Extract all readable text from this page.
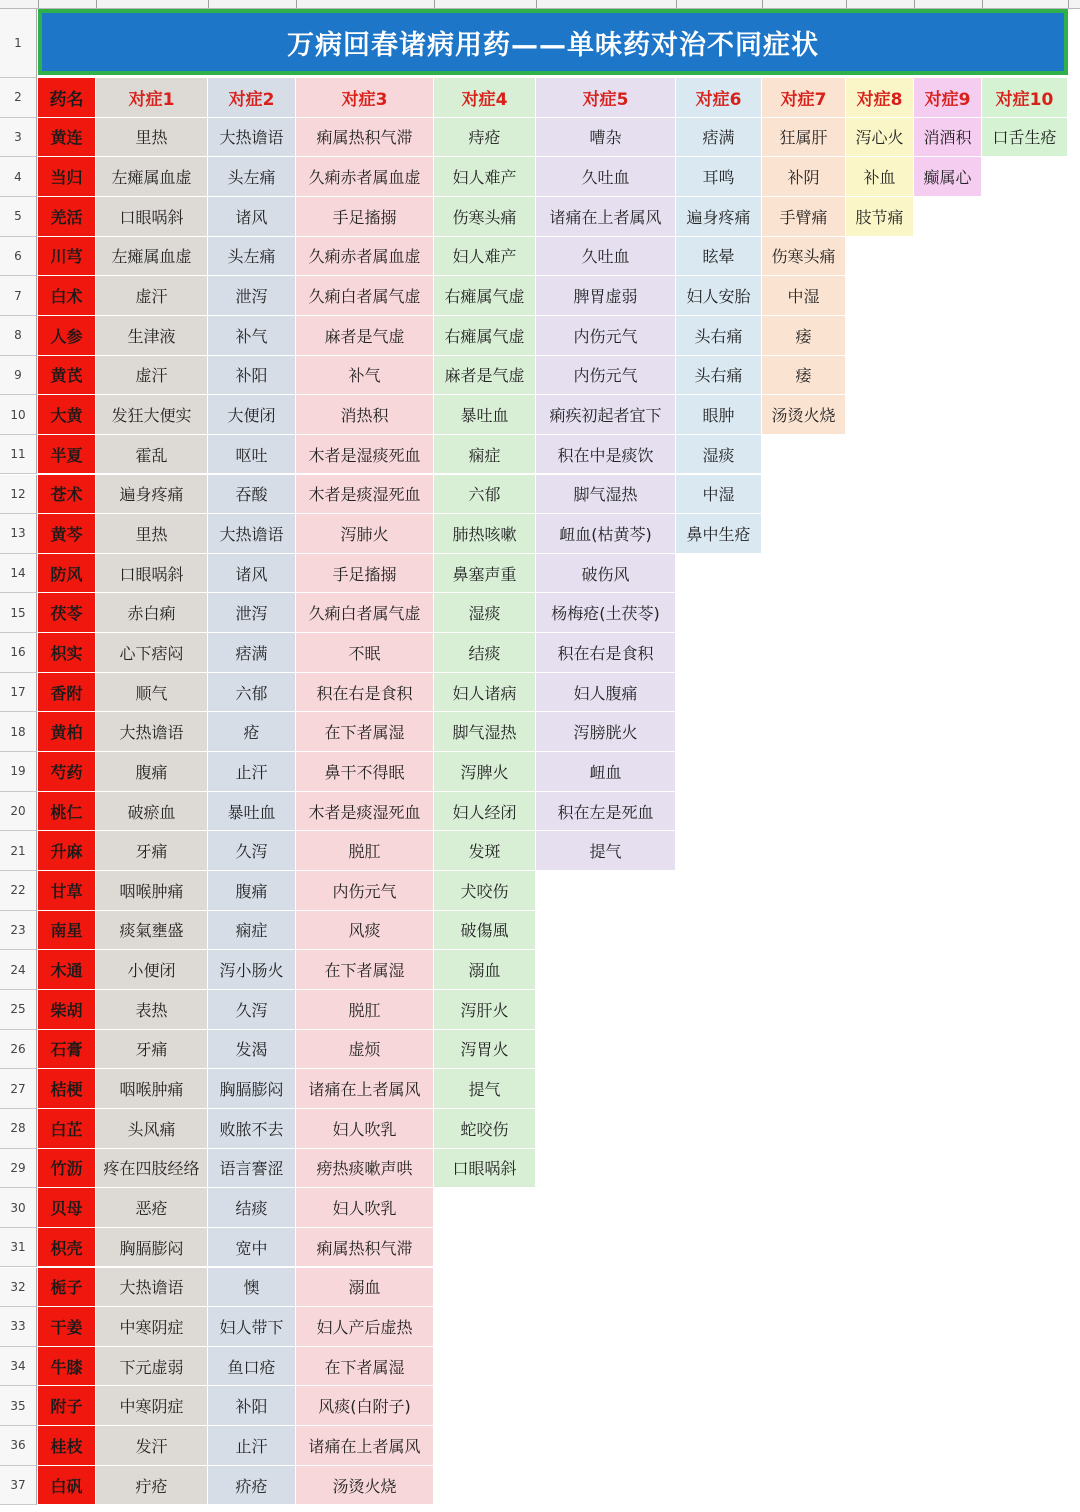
1
2
3
4
5
6
7
8
9
10
11
12
13
14
15
16
17
18
19
20
21
22
23
24
25
26
27
28
29
30
31
32
33
34
35
36
37
万病回春诸病用药——单味药对治不同症状
药名	对症1	对症2	对症3	对症4	对症5	对症6	对症7	对症8	对症9	对症10
黄连	里热	大热谵语	痢属热积气滞	痔疮	嘈杂	痞满	狂属肝	泻心火	消酒积	口舌生疮
当归	左瘫属血虚	头左痛	久痢赤者属血虚	妇人难产	久吐血	耳鸣	补阴	补血	癫属心
羌活	口眼㖞斜	诸风	手足搐搦	伤寒头痛	诸痛在上者属风	遍身疼痛	手臂痛	肢节痛
川芎	左瘫属血虚	头左痛	久痢赤者属血虚	妇人难产	久吐血	眩晕	伤寒头痛
白术	虚汗	泄泻	久痢白者属气虚	右瘫属气虚	脾胃虚弱	妇人安胎	中湿
人参	生津液	补气	麻者是气虚	右瘫属气虚	内伤元气	头右痛	痿
黄芪	虚汗	补阳	补气	麻者是气虚	内伤元气	头右痛	痿
大黄	发狂大便实	大便闭	消热积	暴吐血	痢疾初起者宜下	眼肿	汤烫火烧
半夏	霍乱	呕吐	木者是湿痰死血	痫症	积在中是痰饮	湿痰
苍术	遍身疼痛	吞酸	木者是痰湿死血	六郁	脚气湿热	中湿
黄芩	里热	大热谵语	泻肺火	肺热咳嗽	衄血(枯黄芩)	鼻中生疮
防风	口眼㖞斜	诸风	手足搐搦	鼻塞声重	破伤风
茯苓	赤白痢	泄泻	久痢白者属气虚	湿痰	杨梅疮(土茯苓)
枳实	心下痞闷	痞满	不眠	结痰	积在右是食积
香附	顺气	六郁	积在右是食积	妇人诸病	妇人腹痛
黄柏	大热谵语	疮	在下者属湿	脚气湿热	泻膀胱火
芍药	腹痛	止汗	鼻干不得眠	泻脾火	衄血
桃仁	破瘀血	暴吐血	木者是痰湿死血	妇人经闭	积在左是死血
升麻	牙痛	久泻	脱肛	发斑	提气
甘草	咽喉肿痛	腹痛	内伤元气	犬咬伤
南星	痰氣壅盛	痫症	风痰	破傷風
木通	小便闭	泻小肠火	在下者属湿	溺血
柴胡	表热	久泻	脱肛	泻肝火
石膏	牙痛	发渴	虚烦	泻胃火
桔梗	咽喉肿痛	胸膈膨闷	诸痛在上者属风	提气
白芷	头风痛	败脓不去	妇人吹乳	蛇咬伤
竹沥	疼在四肢经络	语言謇涩	痨热痰嗽声哄	口眼㖞斜
贝母	恶疮	结痰	妇人吹乳
枳壳	胸膈膨闷	宽中	痢属热积气滞
栀子	大热谵语	懊	溺血
干姜	中寒阴症	妇人带下	妇人产后虚热
牛膝	下元虚弱	鱼口疮	在下者属湿
附子	中寒阴症	补阳	风痰(白附子)
桂枝	发汗	止汗	诸痛在上者属风
白矾	疔疮	疥疮	汤烫火烧
